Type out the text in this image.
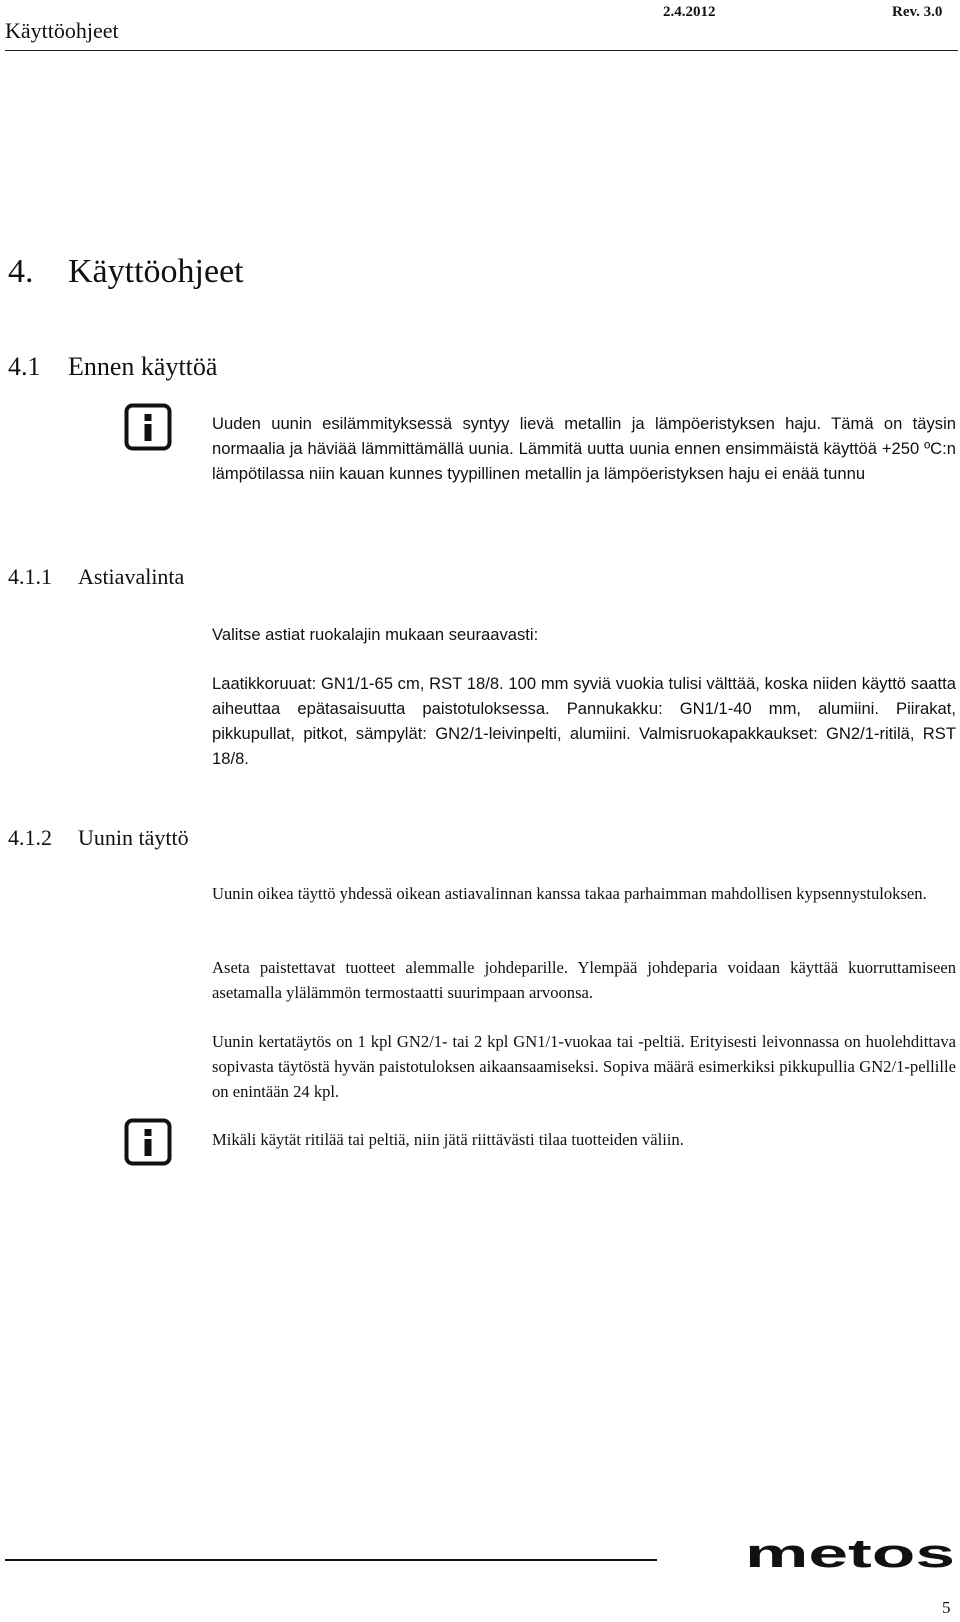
Käyttöohjeet
2.4.2012	Rev. 3.0
4. Käyttöohjeet
4.1 Ennen käyttöä

Uuden uunin esilämmityksessä syntyy lievä metallin ja lämpöeristyksen haju. Tämä on täysin normaalia ja häviää lämmittämällä uunia. Lämmitä uutta uunia ennen ensimmäistä käyttöä +250 ºC:n lämpötilassa niin kauan kunnes tyypillinen metallin ja lämpöeristyksen haju ei enää tunnu

4.1.1 Astiavalinta

Valitse astiat ruokalajin mukaan seuraavasti:

Laatikkoruuat: GN1/1-65 cm, RST 18/8. 100 mm syviä vuokia tulisi välttää, koska niiden käyttö saatta aiheuttaa epätasaisuutta paistotuloksessa. Pannukakku: GN1/1-40 mm, alumiini. Piirakat, pikkupullat, pitkot, sämpylät: GN2/1-leivinpelti, alumiini. Valmisruokapakkaukset: GN2/1-ritilä, RST 18/8.

4.1.2 Uunin täyttö

Uunin oikea täyttö yhdessä oikean astiavalinnan kanssa takaa parhaimman mahdollisen kypsennystuloksen.

Aseta paistettavat tuotteet alemmalle johdeparille. Ylempää johdeparia voidaan käyttää kuorruttamiseen asetamalla ylälämmön termostaatti suurimpaan arvoonsa.

Uunin kertatäytös on 1 kpl GN2/1- tai 2 kpl GN1/1-vuokaa tai -peltiä. Erityisesti leivonnassa on huolehdittava sopivasta täytöstä hyvän paistotuloksen aikaansaamiseksi. Sopiva määrä esimerkiksi pikkupullia GN2/1-pellille on enintään 24 kpl.

Mikäli käytät ritilää tai peltiä, niin jätä riittävästi tilaa tuotteiden väliin.

metos
5
